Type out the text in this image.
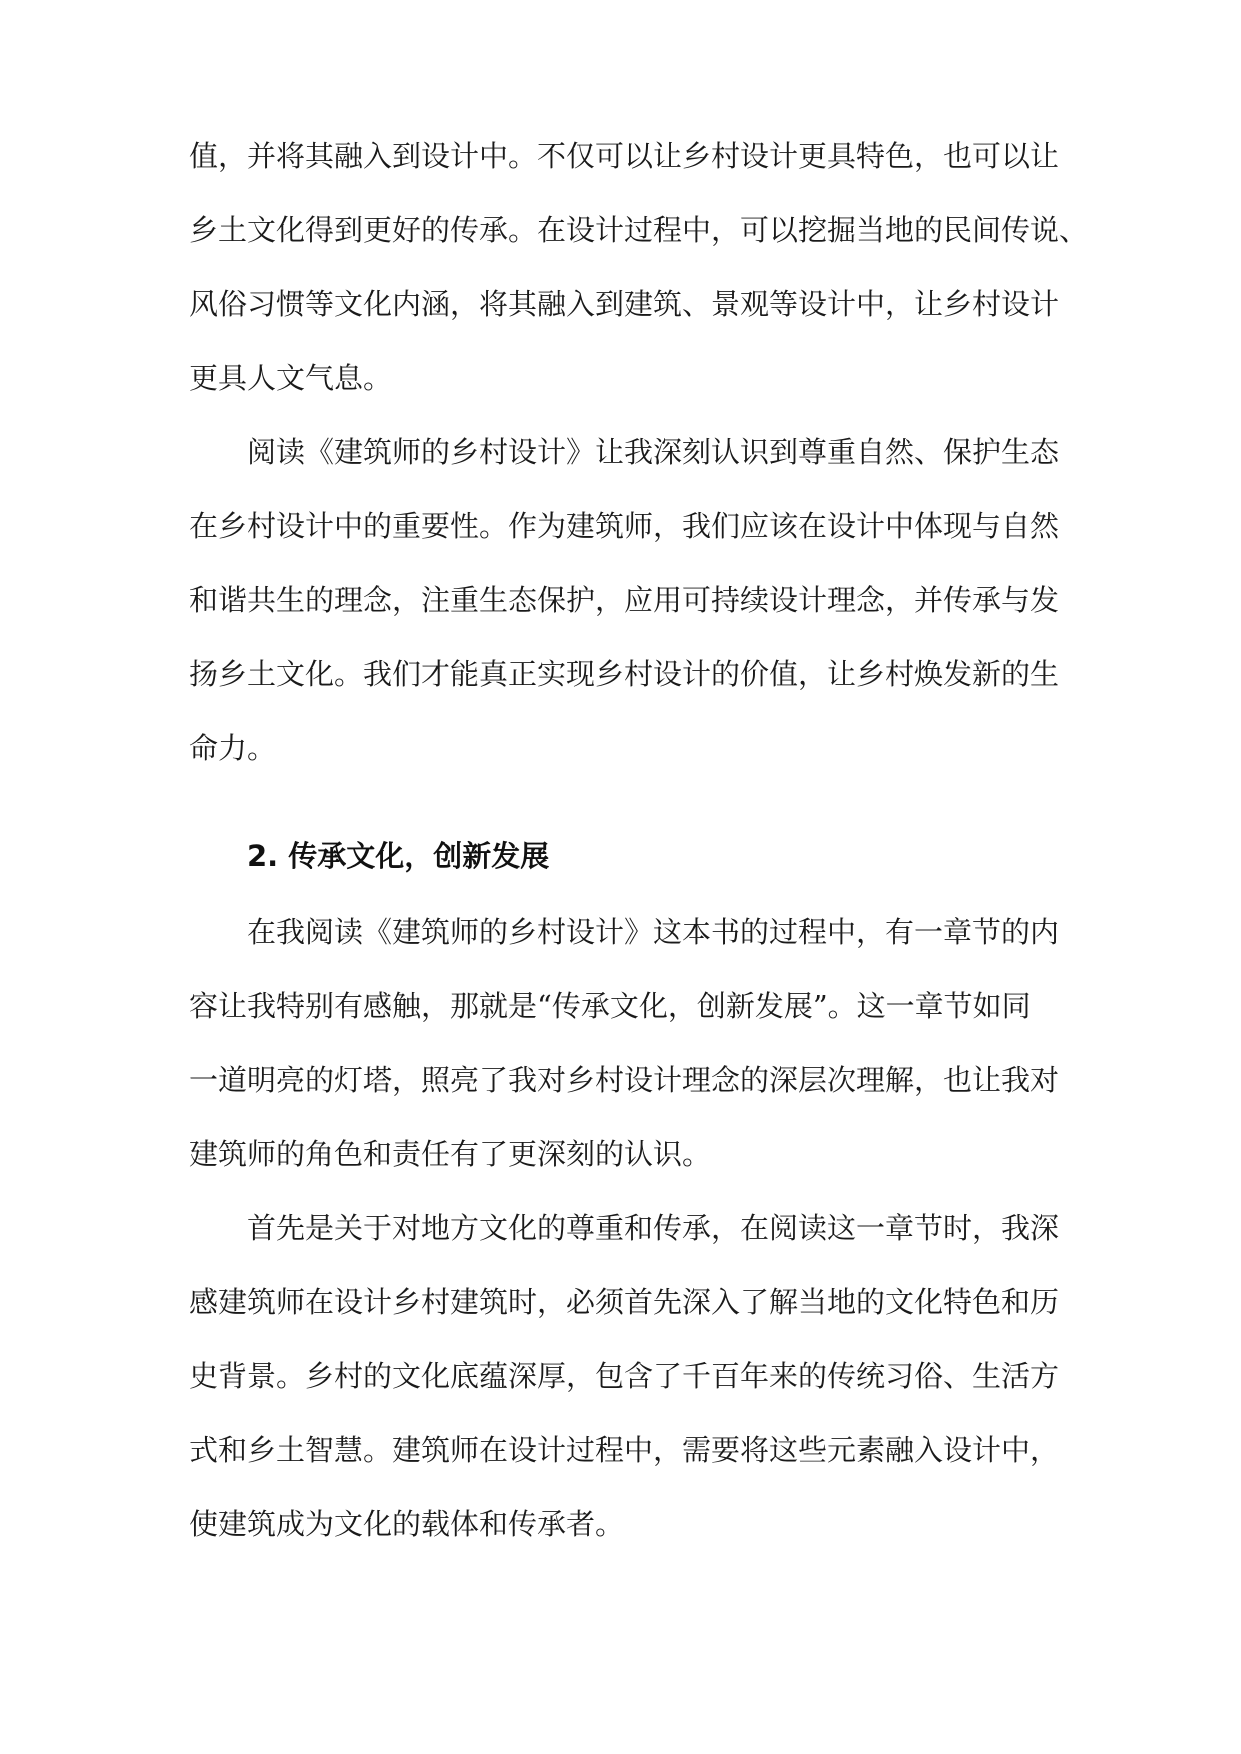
值，并将其融入到设计中。不仅可以让乡村设计更具特色，也可以让
乡土文化得到更好的传承。在设计过程中，可以挖掘当地的民间传说、
风俗习惯等文化内涵，将其融入到建筑、景观等设计中，让乡村设计
更具人文气息。
阅读《建筑师的乡村设计》让我深刻认识到尊重自然、保护生态
在乡村设计中的重要性。作为建筑师，我们应该在设计中体现与自然
和谐共生的理念，注重生态保护，应用可持续设计理念，并传承与发
扬乡土文化。我们才能真正实现乡村设计的价值，让乡村焕发新的生
命力。
2. 传承文化，创新发展
在我阅读《建筑师的乡村设计》这本书的过程中，有一章节的内
容让我特别有感触，那就是“传承文化，创新发展”。这一章节如同
一道明亮的灯塔，照亮了我对乡村设计理念的深层次理解，也让我对
建筑师的角色和责任有了更深刻的认识。
首先是关于对地方文化的尊重和传承，在阅读这一章节时，我深
感建筑师在设计乡村建筑时，必须首先深入了解当地的文化特色和历
史背景。乡村的文化底蕴深厚，包含了千百年来的传统习俗、生活方
式和乡土智慧。建筑师在设计过程中，需要将这些元素融入设计中，
使建筑成为文化的载体和传承者。
